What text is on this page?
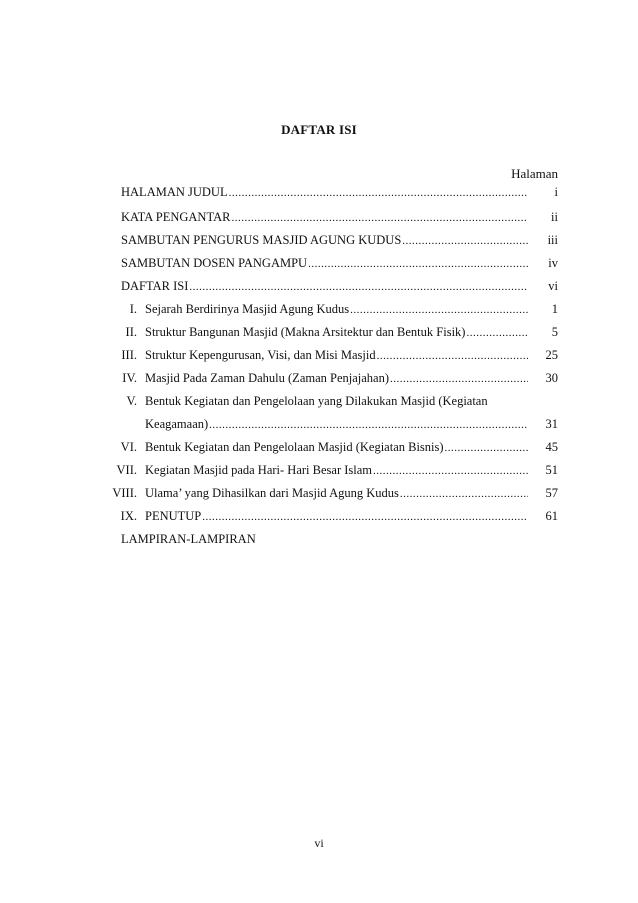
DAFTAR ISI
Halaman
HALAMAN JUDUL .....	i
KATA PENGANTAR .....	ii
SAMBUTAN PENGURUS MASJID AGUNG KUDUS .....	iii
SAMBUTAN DOSEN PANGAMPU .....	iv
DAFTAR ISI .....	vi
I. Sejarah Berdirinya Masjid Agung Kudus .....	1
II. Struktur Bangunan Masjid (Makna Arsitektur dan Bentuk Fisik) .....	5
III. Struktur Kepengurusan, Visi, dan Misi Masjid .....	25
IV. Masjid Pada Zaman Dahulu (Zaman Penjajahan) .....	30
V. Bentuk Kegiatan dan Pengelolaan yang Dilakukan Masjid (Kegiatan
Keagamaan) .....	31
VI. Bentuk Kegiatan dan Pengelolaan Masjid (Kegiatan Bisnis) .....	45
VII. Kegiatan Masjid pada Hari- Hari Besar Islam .....	51
VIII. Ulama’ yang Dihasilkan dari Masjid Agung Kudus .....	57
IX. PENUTUP .....	61
LAMPIRAN-LAMPIRAN
vi
